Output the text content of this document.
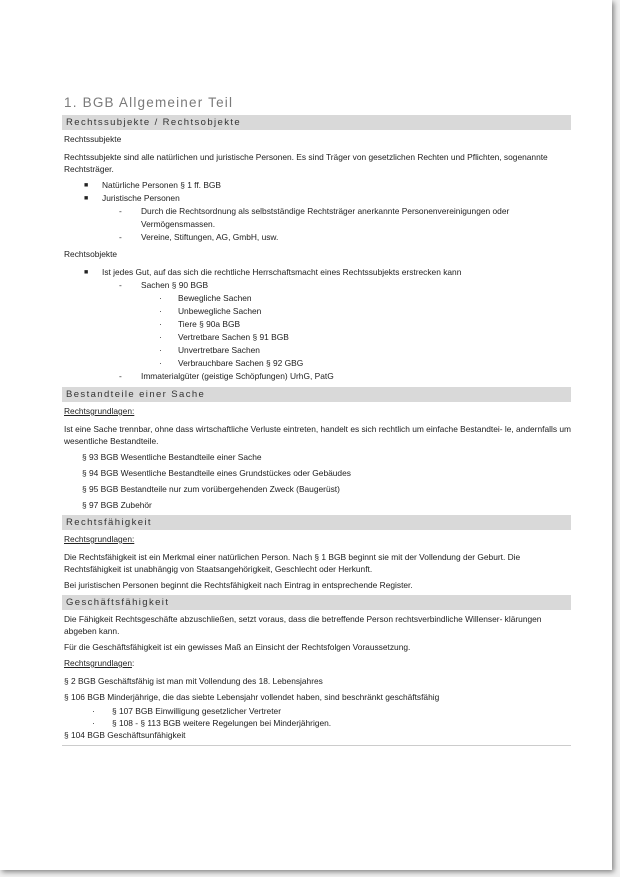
1. BGB Allgemeiner Teil
Rechtssubjekte / Rechtsobjekte
Rechtssubjekte

Rechtssubjekte sind alle natürlichen und juristische Personen. Es sind Träger von gesetzlichen Rechten und Pflichten, sogenannte Rechtsträger.

■ Natürliche Personen § 1 ff. BGB
■ Juristische Personen
- Durch die Rechtsordnung als selbstständige Rechtsträger anerkannte Personenvereinigungen oder Vermögensmassen.
- Vereine, Stiftungen, AG, GmbH, usw.
Rechtsobjekte
■ Ist jedes Gut, auf das sich die rechtliche Herrschaftsmacht eines Rechtssubjekts erstrecken kann
- Sachen § 90 BGB
· Bewegliche Sachen
· Unbewegliche Sachen
· Tiere § 90a BGB
· Vertretbare Sachen § 91 BGB
· Unvertretbare Sachen
· Verbrauchbare Sachen § 92 GBG
- Immaterialgüter (geistige Schöpfungen) UrhG, PatG
Bestandteile einer Sache
Rechtsgrundlagen:

Ist eine Sache trennbar, ohne dass wirtschaftliche Verluste eintreten, handelt es sich rechtlich um einfache Bestandtei- le, andernfalls um wesentliche Bestandteile.

§ 93 BGB Wesentliche Bestandteile einer Sache
§ 94 BGB Wesentliche Bestandteile eines Grundstückes oder Gebäudes
§ 95 BGB Bestandteile nur zum vorübergehenden Zweck (Baugerüst)
§ 97 BGB Zubehör
Rechtsfähigkeit
Rechtsgrundlagen:

Die Rechtsfähigkeit ist ein Merkmal einer natürlichen Person. Nach § 1 BGB beginnt sie mit der Vollendung der Geburt. Die Rechtsfähigkeit ist unabhängig von Staatsangehörigkeit, Geschlecht oder Herkunft.

Bei juristischen Personen beginnt die Rechtsfähigkeit nach Eintrag in entsprechende Register.

Geschäftsfähigkeit

Die Fähigkeit Rechtsgeschäfte abzuschließen, setzt voraus, dass die betreffende Person rechtsverbindliche Willenser- klärungen abgeben kann.

Für die Geschäftsfähigkeit ist ein gewisses Maß an Einsicht der Rechtsfolgen Voraussetzung.

Rechtsgrundlagen:

§ 2 BGB Geschäftsfähig ist man mit Vollendung des 18. Lebensjahres

§ 106 BGB Minderjährige, die das siebte Lebensjahr vollendet haben, sind beschränkt geschäftsfähig

· § 107 BGB Einwilligung gesetzlicher Vertreter
· § 108 - § 113 BGB weitere Regelungen bei Minderjährigen.

§ 104 BGB Geschäftsunfähigkeit
